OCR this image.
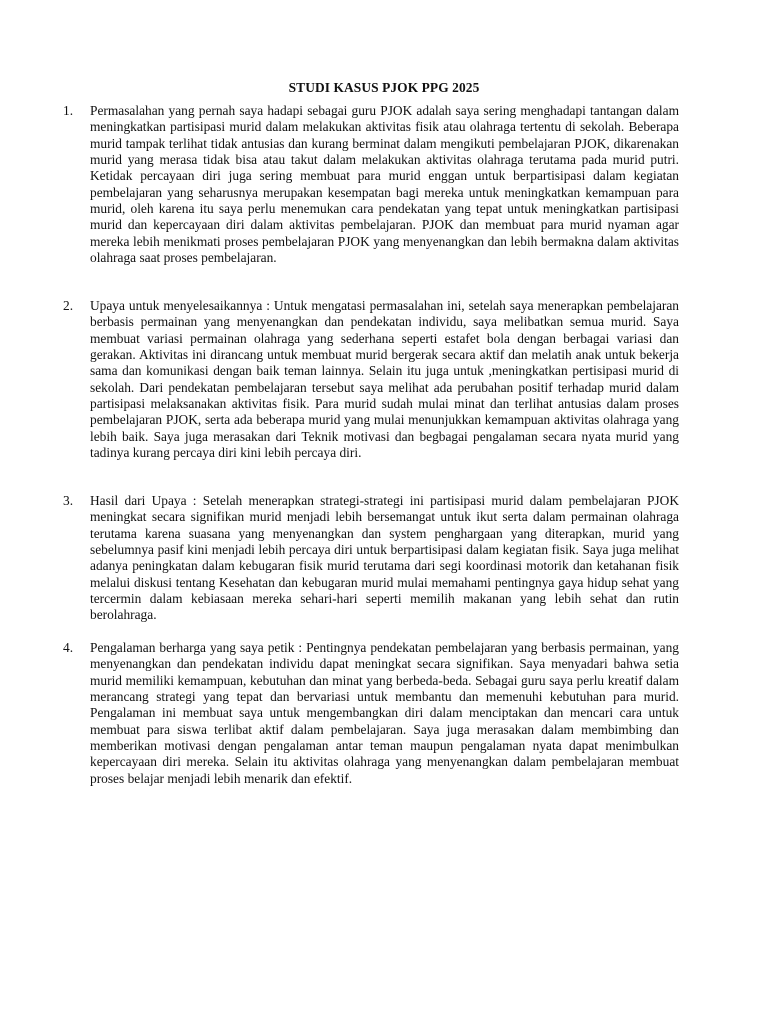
STUDI KASUS PJOK PPG 2025
1. Permasalahan yang pernah saya hadapi sebagai guru PJOK adalah saya sering menghadapi tantangan dalam meningkatkan partisipasi murid dalam melakukan aktivitas fisik atau olahraga tertentu di sekolah. Beberapa murid tampak terlihat tidak antusias dan kurang berminat dalam mengikuti pembelajaran PJOK, dikarenakan murid yang merasa tidak bisa atau takut dalam melakukan aktivitas olahraga terutama pada murid putri. Ketidak percayaan diri juga sering membuat para murid enggan untuk berpartisipasi dalam kegiatan pembelajaran yang seharusnya merupakan kesempatan bagi mereka untuk meningkatkan kemampuan para murid, oleh karena itu saya perlu menemukan cara pendekatan yang tepat untuk meningkatkan partisipasi murid dan kepercayaan diri dalam aktivitas pembelajaran. PJOK dan membuat para murid nyaman agar mereka lebih menikmati proses pembelajaran PJOK yang menyenangkan dan lebih bermakna dalam aktivitas olahraga saat proses pembelajaran.
2. Upaya untuk menyelesaikannya : Untuk mengatasi permasalahan ini, setelah saya menerapkan pembelajaran berbasis permainan yang menyenangkan dan pendekatan individu, saya melibatkan semua murid. Saya membuat variasi permainan olahraga yang sederhana seperti estafet bola dengan berbagai variasi dan gerakan. Aktivitas ini dirancang untuk membuat murid bergerak secara aktif dan melatih anak untuk bekerja sama dan komunikasi dengan baik teman lainnya. Selain itu juga untuk ,meningkatkan pertisipasi murid di sekolah. Dari pendekatan pembelajaran tersebut saya melihat ada perubahan positif terhadap murid dalam partisipasi melaksanakan aktivitas fisik. Para murid sudah mulai minat dan terlihat antusias dalam proses pembelajaran PJOK, serta ada beberapa murid yang mulai menunjukkan kemampuan aktivitas olahraga yang lebih baik. Saya juga merasakan dari Teknik motivasi dan begbagai pengalaman secara nyata murid yang tadinya kurang percaya diri kini lebih percaya diri.
3. Hasil dari Upaya : Setelah menerapkan strategi-strategi ini partisipasi murid dalam pembelajaran PJOK meningkat secara signifikan murid menjadi lebih bersemangat untuk ikut serta dalam permainan olahraga terutama karena suasana yang menyenangkan dan system penghargaan yang diterapkan, murid yang sebelumnya pasif kini menjadi lebih percaya diri untuk berpartisipasi dalam kegiatan fisik. Saya juga melihat adanya peningkatan dalam kebugaran fisik murid terutama dari segi koordinasi motorik dan ketahanan fisik melalui diskusi tentang Kesehatan dan kebugaran murid mulai memahami pentingnya gaya hidup sehat yang tercermin dalam kebiasaan mereka sehari-hari seperti memilih makanan yang lebih sehat dan rutin berolahraga.
4. Pengalaman berharga yang saya petik : Pentingnya pendekatan pembelajaran yang berbasis permainan, yang menyenangkan dan pendekatan individu dapat meningkat secara signifikan. Saya menyadari bahwa setia murid memiliki kemampuan, kebutuhan dan minat yang berbeda-beda. Sebagai guru saya perlu kreatif dalam merancang strategi yang tepat dan bervariasi untuk membantu dan memenuhi kebutuhan para murid. Pengalaman ini membuat saya untuk mengembangkan diri dalam menciptakan dan mencari cara untuk membuat para siswa terlibat aktif dalam pembelajaran. Saya juga merasakan dalam membimbing dan memberikan motivasi dengan pengalaman antar teman maupun pengalaman nyata dapat menimbulkan kepercayaan diri mereka. Selain itu aktivitas olahraga yang menyenangkan dalam pembelajaran membuat proses belajar menjadi lebih menarik dan efektif.
